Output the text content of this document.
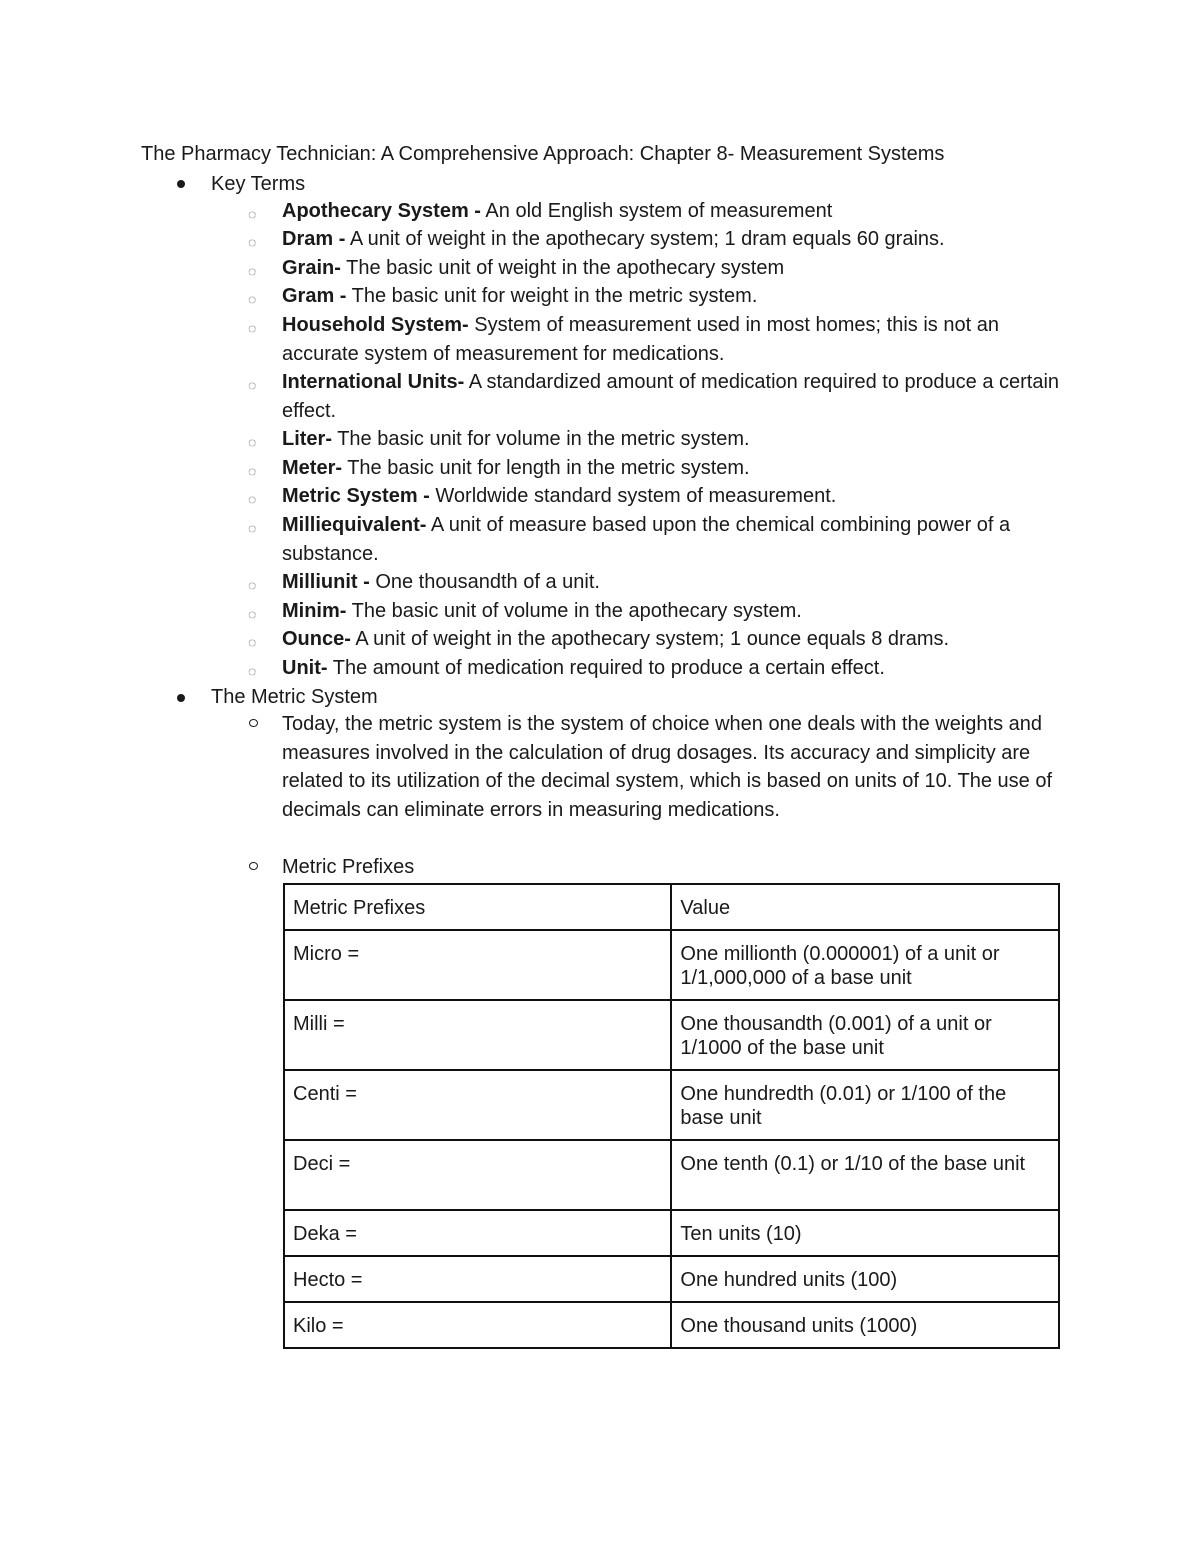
The Pharmacy Technician: A Comprehensive Approach: Chapter 8- Measurement Systems
Key Terms
◌ Apothecary System - An old English system of measurement
◌ Dram - A unit of weight in the apothecary system; 1 dram equals 60 grains.
◌ Grain- The basic unit of weight in the apothecary system
◌ Gram - The basic unit for weight in the metric system.
◌ Household System- System of measurement used in most homes; this is not an accurate system of measurement for medications.
◌ International Units- A standardized amount of medication required to produce a certain effect.
◌ Liter- The basic unit for volume in the metric system.
◌ Meter- The basic unit for length in the metric system.
◌ Metric System - Worldwide standard system of measurement.
◌ Milliequivalent- A unit of measure based upon the chemical combining power of a substance.
◌ Milliunit - One thousandth of a unit.
◌ Minim- The basic unit of volume in the apothecary system.
◌ Ounce- A unit of weight in the apothecary system; 1 ounce equals 8 drams.
◌ Unit- The amount of medication required to produce a certain effect.
The Metric System
Today, the metric system is the system of choice when one deals with the weights and measures involved in the calculation of drug dosages. Its accuracy and simplicity are related to its utilization of the decimal system, which is based on units of 10. The use of decimals can eliminate errors in measuring medications.
Metric Prefixes
Metric Prefixes	Value
Micro =	One millionth (0.000001) of a unit or 1/1,000,000 of a base unit
Milli =	One thousandth (0.001) of a unit or 1/1000 of the base unit
Centi =	One hundredth (0.01) or 1/100 of the base unit
Deci =	One tenth (0.1) or 1/10 of the base unit
Deka =	Ten units (10)
Hecto =	One hundred units (100)
Kilo =	One thousand units (1000)
